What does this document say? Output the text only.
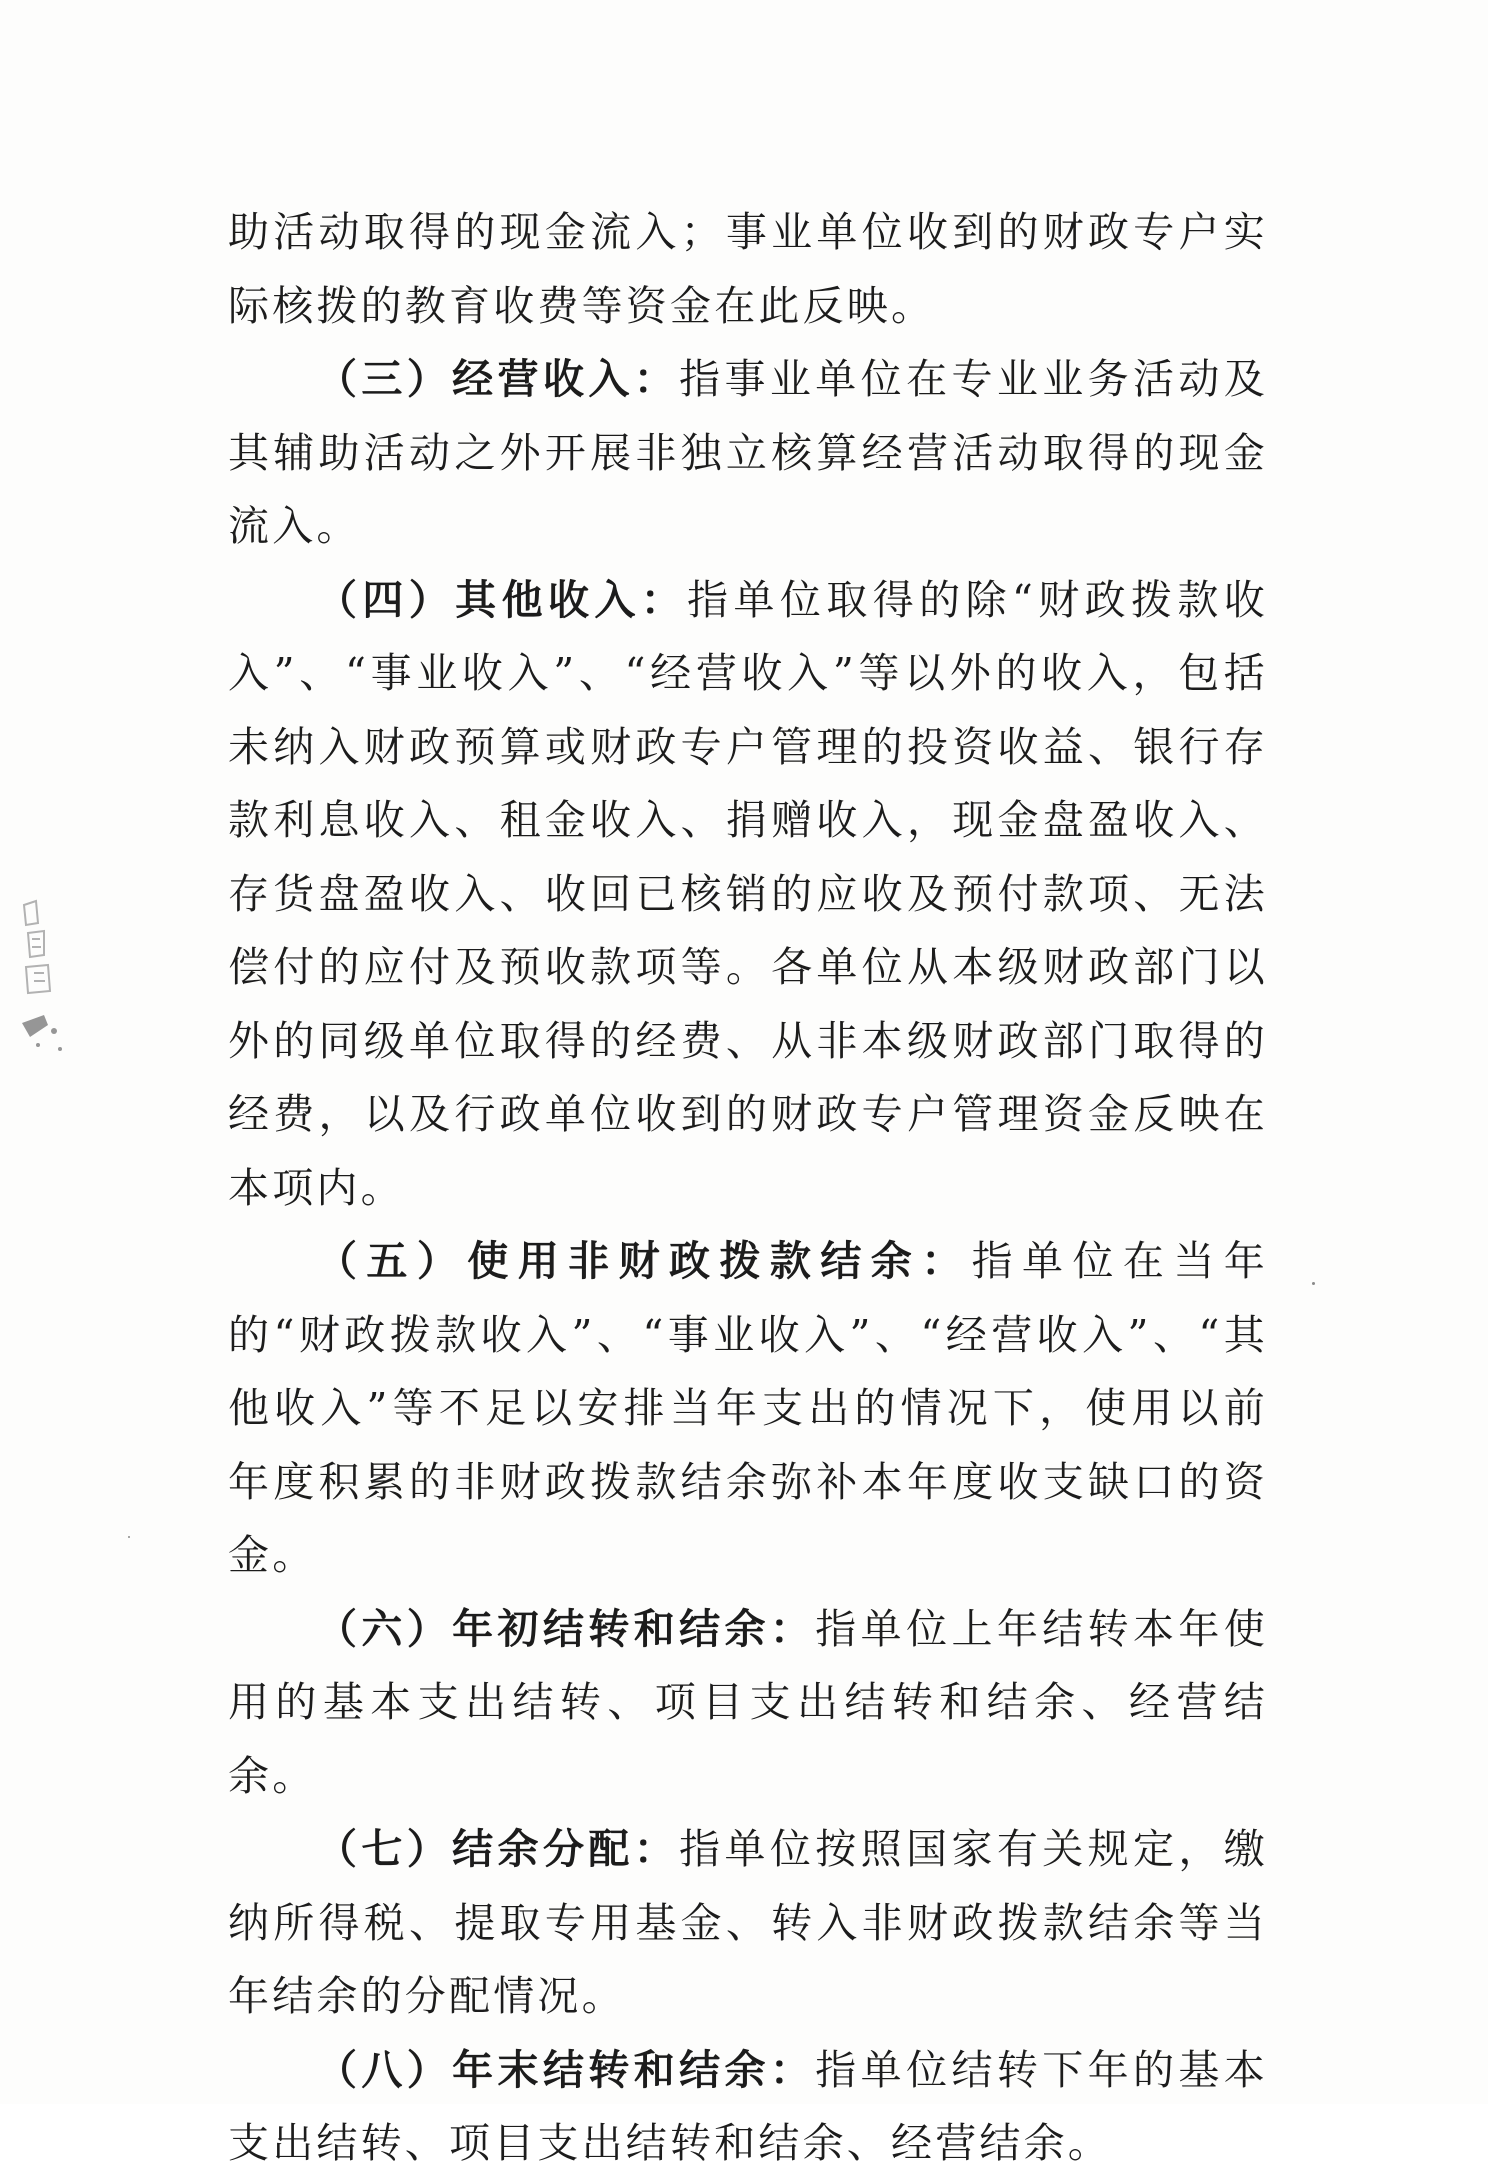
助活动取得的现金流入；事业单位收到的财政专户实际核拨的教育收费等资金在此反映。

（三）经营收入：指事业单位在专业业务活动及其辅助活动之外开展非独立核算经营活动取得的现金流入。

（四）其他收入：指单位取得的除“财政拨款收入”、“事业收入”、“经营收入”等以外的收入，包括未纳入财政预算或财政专户管理的投资收益、银行存款利息收入、租金收入、捐赠收入，现金盘盈收入、存货盘盈收入、收回已核销的应收及预付款项、无法偿付的应付及预收款项等。各单位从本级财政部门以外的同级单位取得的经费、从非本级财政部门取得的经费，以及行政单位收到的财政专户管理资金反映在本项内。

（五）使用非财政拨款结余：指单位在当年的“财政拨款收入”、“事业收入”、“经营收入”、“其他收入”等不足以安排当年支出的情况下，使用以前年度积累的非财政拨款结余弥补本年度收支缺口的资金。

（六）年初结转和结余：指单位上年结转本年使用的基本支出结转、项目支出结转和结余、经营结余。

（七）结余分配：指单位按照国家有关规定，缴纳所得税、提取专用基金、转入非财政拨款结余等当年结余的分配情况。

（八）年末结转和结余：指单位结转下年的基本支出结转、项目支出结转和结余、经营结余。
